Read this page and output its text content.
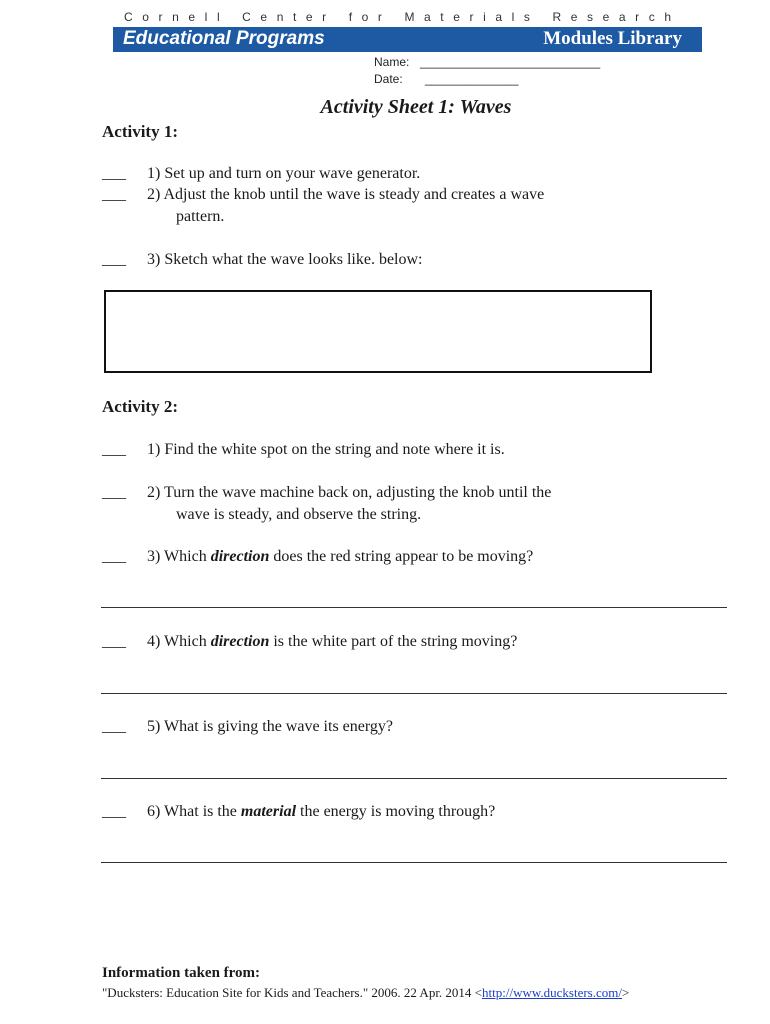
Cornell Center for Materials Research
Educational Programs	Modules Library
Name: ___________________________
Date: ______________
Activity Sheet 1: Waves
Activity 1:
___ 1) Set up and turn on your wave generator.
___ 2) Adjust the knob until the wave is steady and creates a wave
pattern.
___ 3) Sketch what the wave looks like. below:
Activity 2:
___ 1) Find the white spot on the string and note where it is.
___ 2) Turn the wave machine back on, adjusting the knob until the
wave is steady, and observe the string.
___ 3) Which direction does the red string appear to be moving?
___ 4) Which direction is the white part of the string moving?
___ 5) What is giving the wave its energy?
___ 6) What is the material the energy is moving through?
Information taken from:
"Ducksters: Education Site for Kids and Teachers." 2006. 22 Apr. 2014 <http://www.ducksters.com/>
